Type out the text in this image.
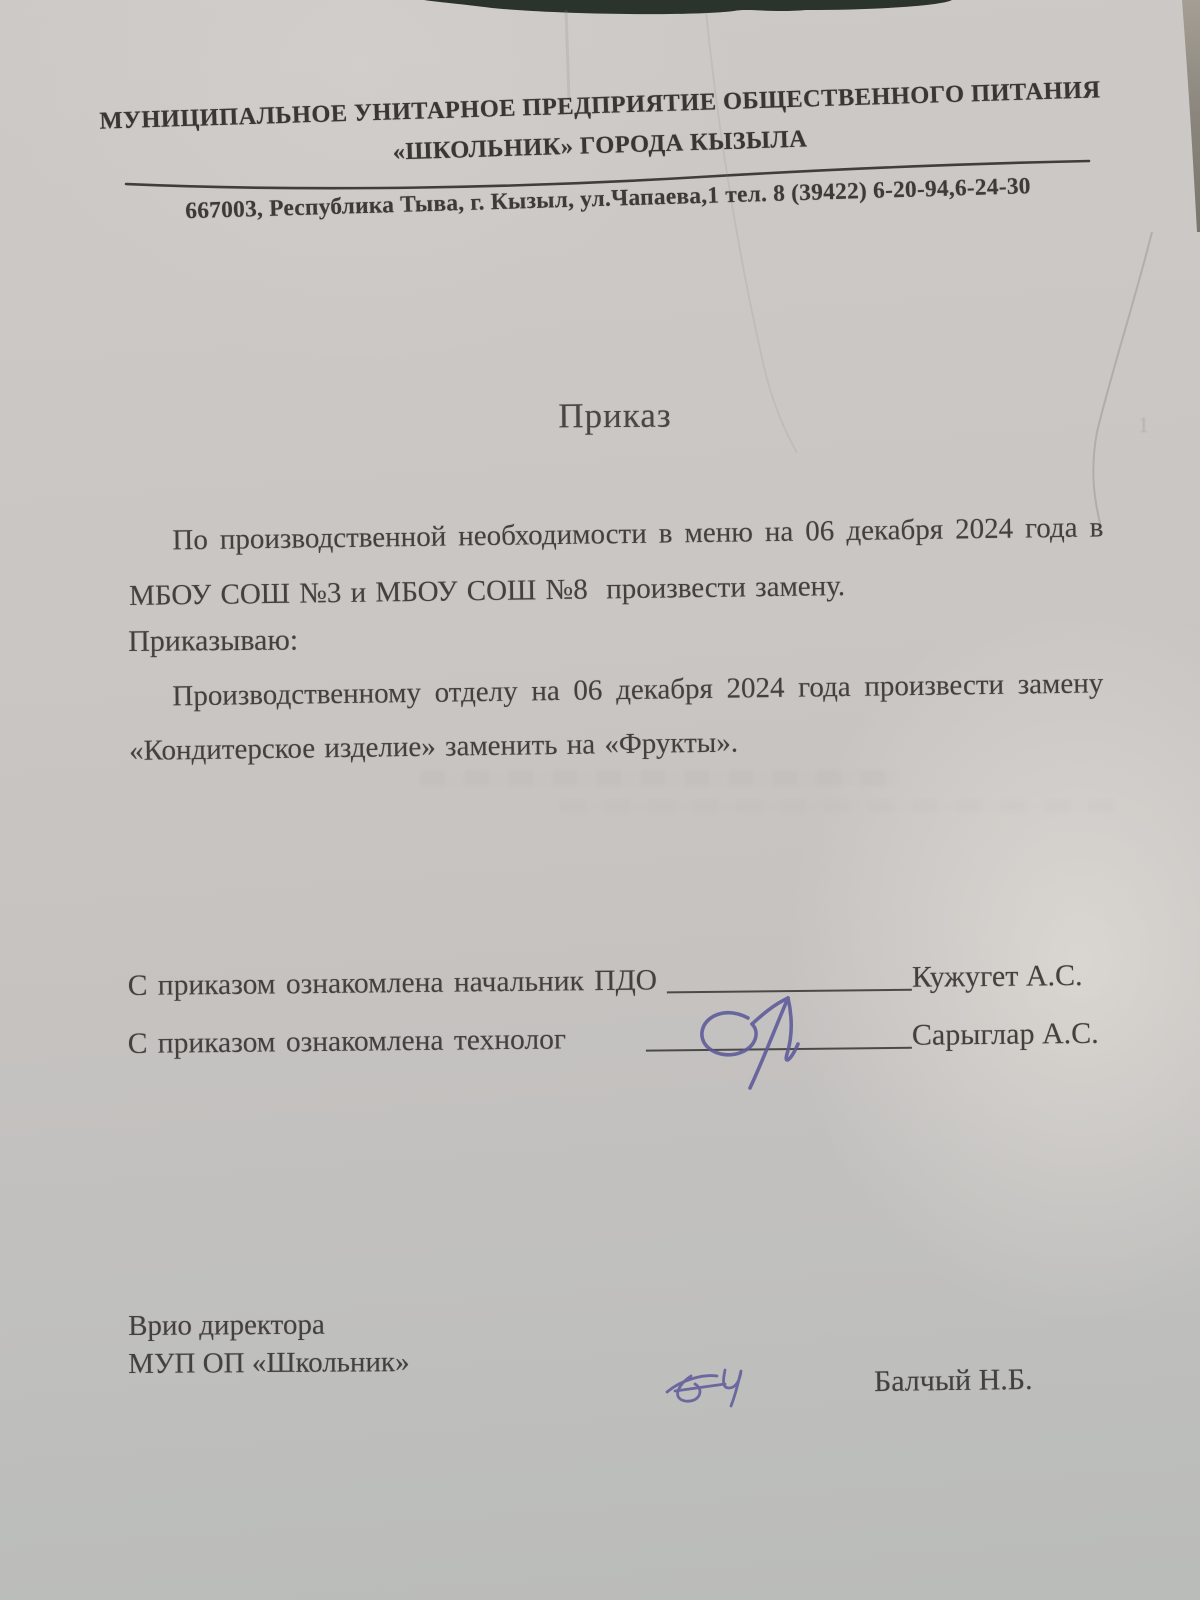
МУНИЦИПАЛЬНОЕ УНИТАРНОЕ ПРЕДПРИЯТИЕ ОБЩЕСТВЕННОГО ПИТАНИЯ
«ШКОЛЬНИК» ГОРОДА КЫЗЫЛА
667003, Республика Тыва, г. Кызыл, ул.Чапаева,1 тел. 8 (39422) 6-20-94,6-24-30
Приказ	1
По производственной необходимости в меню на 06 декабря 2024 года в
МБОУ СОШ №3 и МБОУ СОШ №8  произвести замену.
Приказываю:
Производственному отделу на 06 декабря 2024 года произвести замену
«Кондитерское изделие» заменить на «Фрукты».
С приказом ознакомлена начальник ПДО	Кужугет А.С.
С приказом ознакомлена технолог	Сарыглар А.С.
Врио директора
МУП ОП «Школьник»	Балчый Н.Б.
